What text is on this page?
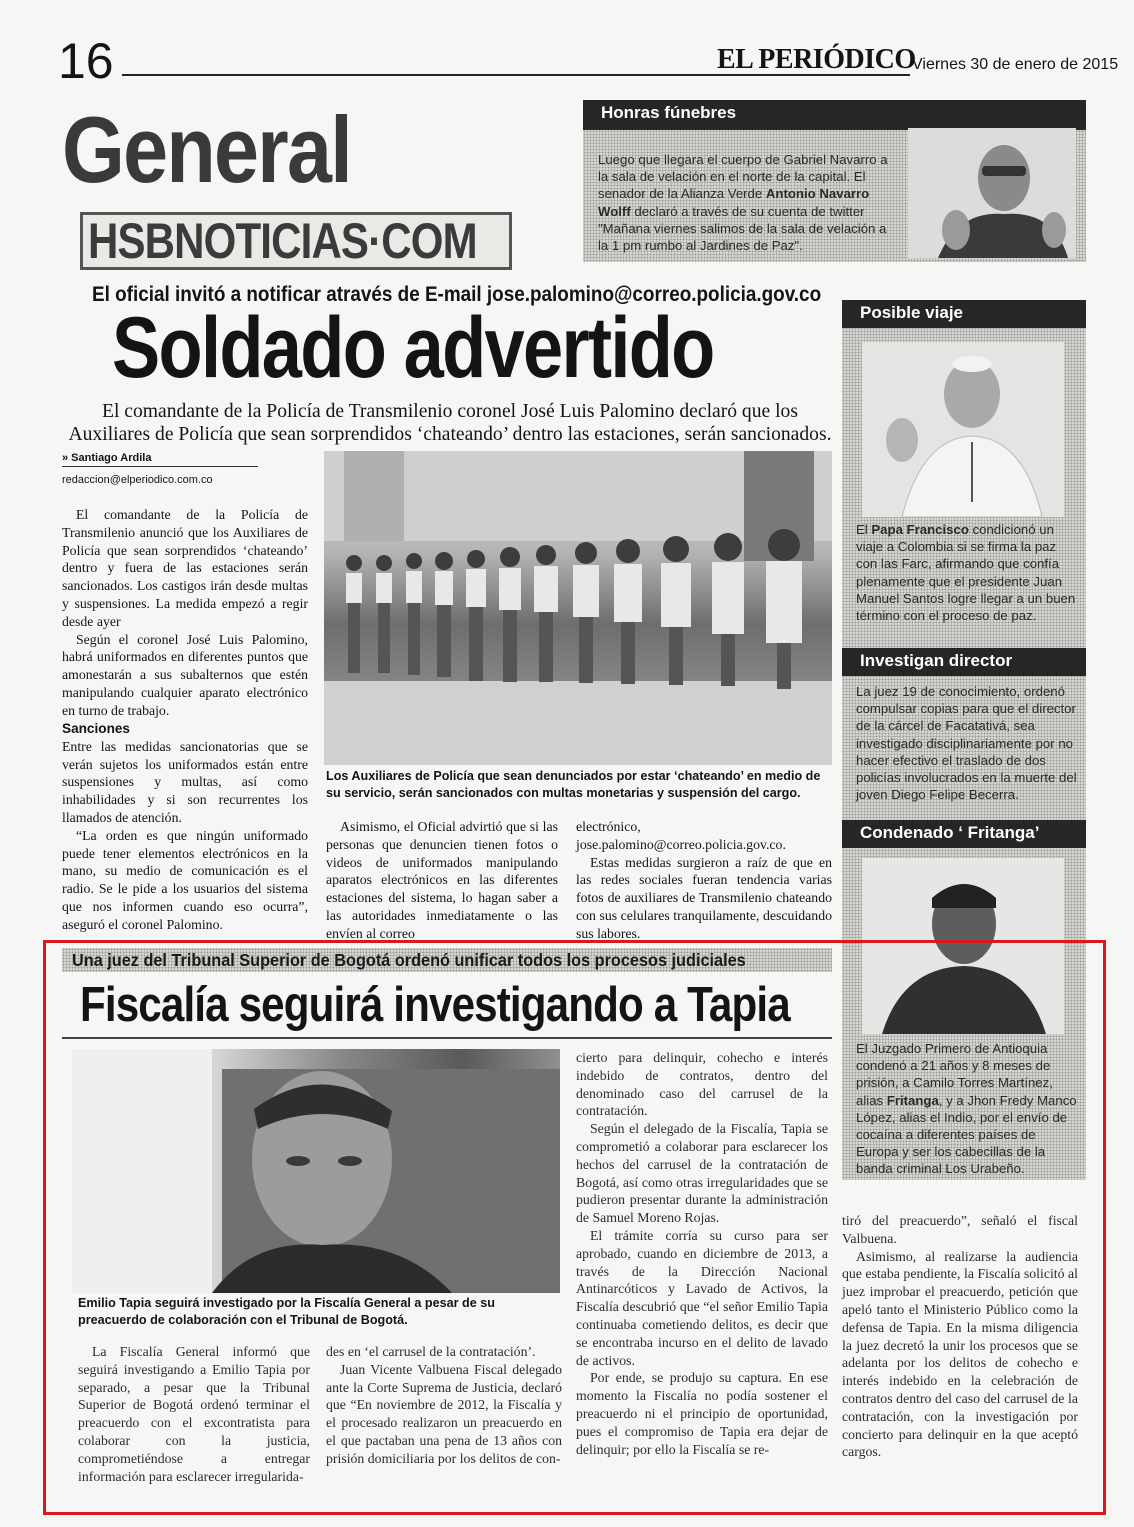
16	EL PERIÓDICO
Viernes 30 de enero de 2015
General
HSBNOTICIAS·COM
Honras fúnebres
Luego que llegara el cuerpo de Gabriel Navarro a la sala de velación en el norte de la capital. El senador de la Alianza Verde Antonio Navarro Wolff declaró a través de su cuenta de twitter "Mañana viernes salimos de la sala de velación a la 1 pm rumbo al Jardines de Paz".
Posible viaje
El Papa Francisco condicionó un viaje a Colombia si se firma la paz con las Farc, afirmando que confía plenamente que el presidente Juan Manuel Santos logre llegar a un buen término con el proceso de paz.
Investigan director
La juez 19 de conocimiento, ordenó compulsar copias para que el director de la cárcel de Facatativá, sea investigado disciplinariamente por no hacer efectivo el traslado de dos policías involucrados en la muerte del joven Diego Felipe Becerra.
Condenado ‘ Fritanga’
El Juzgado Primero de Antioquia condenó a 21 años y 8 meses de prisión, a Camilo Torres Martínez, alias Fritanga, y a Jhon Fredy Manco López, alias el Indio, por el envío de cocaína a diferentes países de Europa y ser los cabecillas de la banda criminal Los Urabeño.
El oficial invitó a notificar através de E-mail jose.palomino@correo.policia.gov.co
Soldado advertido
El comandante de la Policía de Transmilenio coronel José Luis Palomino declaró que los Auxiliares de Policía que sean sorprendidos ‘chateando’ dentro las estaciones, serán sancionados.
» Santiago Ardila
redaccion@elperiodico.com.co

El comandante de la Policía de Transmilenio anunció que los Auxiliares de Policía que sean sorprendidos ‘chateando’ dentro y fuera de las estaciones serán sancionados. Los castigos irán desde multas y suspensiones. La medida empezó a regir desde ayer

Según el coronel José Luis Palomino, habrá uniformados en diferentes puntos que amonestarán a sus subalternos que estén manipulando cualquier aparato electrónico en turno de trabajo.

Sanciones

Entre las medidas sancionatorias que se verán sujetos los uniformados están entre suspensiones y multas, así como inhabilidades y si son recurrentes los llamados de atención.

“La orden es que ningún uniformado puede tener elementos electrónicos en la mano, su medio de comunicación es el radio. Se le pide a los usuarios del sistema que nos informen cuando eso ocurra”, aseguró el coronel Palomino.

Asimismo, el Oficial advirtió que si las personas que denuncien tienen fotos o videos de uniformados manipulando aparatos electrónicos en las diferentes estaciones del sistema, lo hagan saber a las autoridades inmediatamente o las envíen al correo

electrónico, jose.palomino@correo.policia.gov.co.

Estas medidas surgieron a raíz de que en las redes sociales fueran tendencia varias fotos de auxiliares de Transmilenio chateando con sus celulares tranquilamente, descuidando sus labores.

Los Auxiliares de Policía que sean denunciados por estar ‘chateando’ en medio de su servicio, serán sancionados con multas monetarias y suspensión del cargo.
Una juez del Tribunal Superior de Bogotá ordenó unificar todos los procesos judiciales
Fiscalía seguirá investigando a Tapia
Emilio Tapia seguirá investigado por la Fiscalía General a pesar de su preacuerdo de colaboración con el Tribunal de Bogotá.

La Fiscalía General informó que seguirá investigando a Emilio Tapia por separado, a pesar que la Tribunal Superior de Bogotá ordenó terminar el preacuerdo con el excontratista para colaborar con la justicia, comprometiéndose a entregar información para esclarecer irregularida-

des en ‘el carrusel de la contratación’.

Juan Vicente Valbuena Fiscal delegado ante la Corte Suprema de Justicia, declaró que “En noviembre de 2012, la Fiscalía y el procesado realizaron un preacuerdo en el que pactaban una pena de 13 años con prisión domiciliaria por los delitos de con-

cierto para delinquir, cohecho e interés indebido de contratos, dentro del denominado caso del carrusel de la contratación.

Según el delegado de la Fiscalía, Tapia se comprometió a colaborar para esclarecer los hechos del carrusel de la contratación de Bogotá, así como otras irregularidades que se pudieron presentar durante la administración de Samuel Moreno Rojas.

El trámite corría su curso para ser aprobado, cuando en diciembre de 2013, a través de la Dirección Nacional Antinarcóticos y Lavado de Activos, la Fiscalía descubrió que “el señor Emilio Tapia continuaba cometiendo delitos, es decir que se encontraba incurso en el delito de lavado de activos.

Por ende, se produjo su captura. En ese momento la Fiscalía no podía sostener el preacuerdo ni el principio de oportunidad, pues el compromiso de Tapia era dejar de delinquir; por ello la Fiscalía se re-

tiró del preacuerdo”, señaló el fiscal Valbuena.

Asimismo, al realizarse la audiencia que estaba pendiente, la Fiscalía solicitó al juez improbar el preacuerdo, petición que apeló tanto el Ministerio Público como la defensa de Tapia. En la misma diligencia la juez decretó la unir los procesos que se adelanta por los delitos de cohecho e interés indebido en la celebración de contratos dentro del caso del carrusel de la contratación, con la investigación por concierto para delinquir en la que aceptó cargos.
